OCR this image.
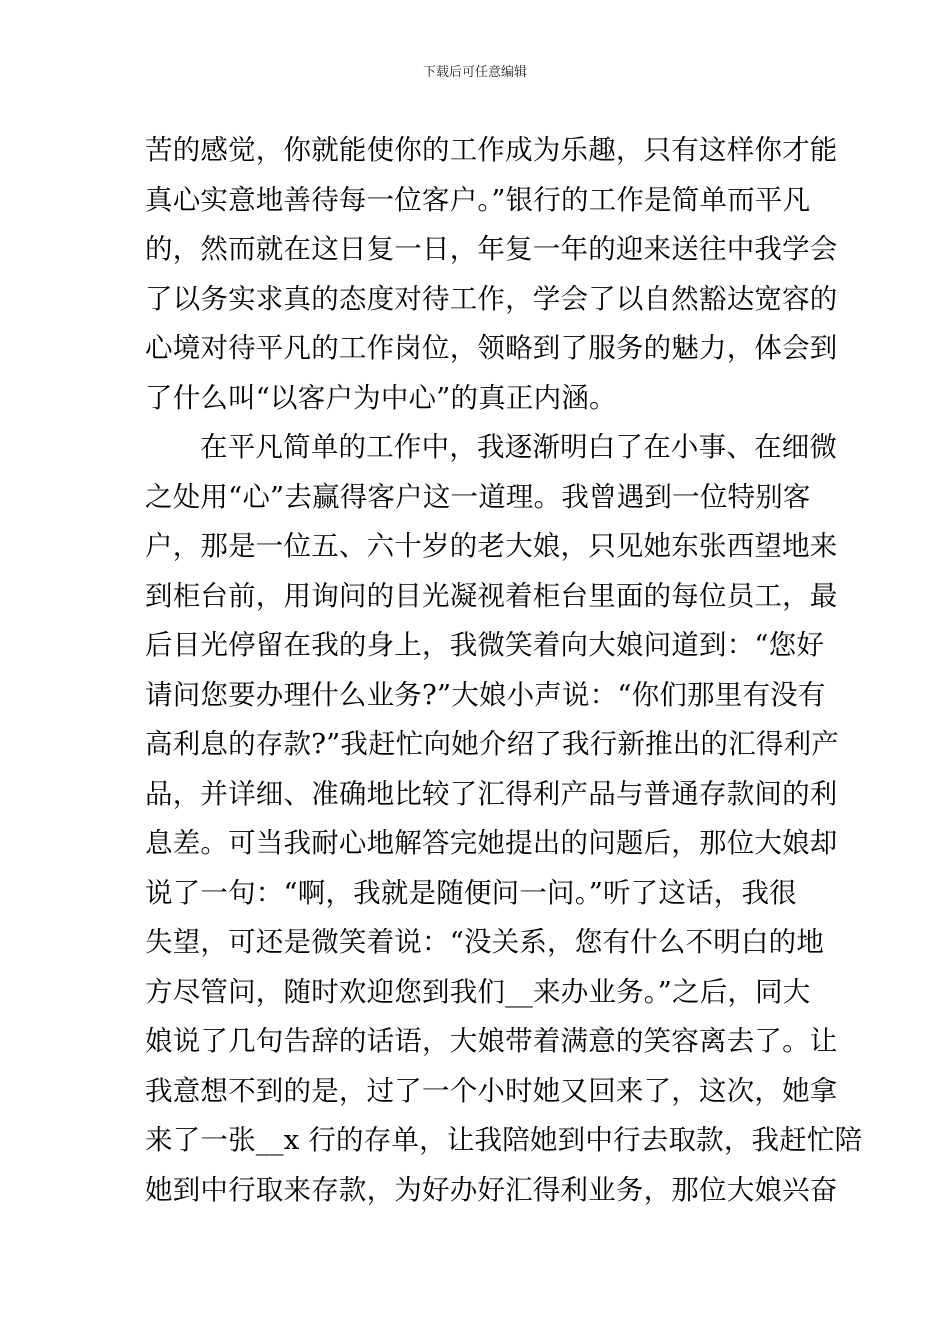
下载后可任意编辑
苦的感觉，你就能使你的工作成为乐趣，只有这样你才能
真心实意地善待每一位客户。”银行的工作是简单而平凡
的，然而就在这日复一日，年复一年的迎来送往中我学会
了以务实求真的态度对待工作，学会了以自然豁达宽容的
心境对待平凡的工作岗位，领略到了服务的魅力，体会到
了什么叫“以客户为中心”的真正内涵。
在平凡简单的工作中，我逐渐明白了在小事、在细微
之处用“心”去赢得客户这一道理。我曾遇到一位特别客
户，那是一位五、六十岁的老大娘，只见她东张西望地来
到柜台前，用询问的目光凝视着柜台里面的每位员工，最
后目光停留在我的身上，我微笑着向大娘问道到：“您好
请问您要办理什么业务?”大娘小声说：“你们那里有没有
高利息的存款?”我赶忙向她介绍了我行新推出的汇得利产
品，并详细、准确地比较了汇得利产品与普通存款间的利
息差。可当我耐心地解答完她提出的问题后，那位大娘却
说了一句：“啊，我就是随便问一问。”听了这话，我很
失望，可还是微笑着说：“没关系，您有什么不明白的地
方尽管问，随时欢迎您到我们__来办业务。”之后，同大
娘说了几句告辞的话语，大娘带着满意的笑容离去了。让
我意想不到的是，过了一个小时她又回来了，这次，她拿
来了一张__x 行的存单，让我陪她到中行去取款，我赶忙陪
她到中行取来存款，为好办好汇得利业务，那位大娘兴奋
